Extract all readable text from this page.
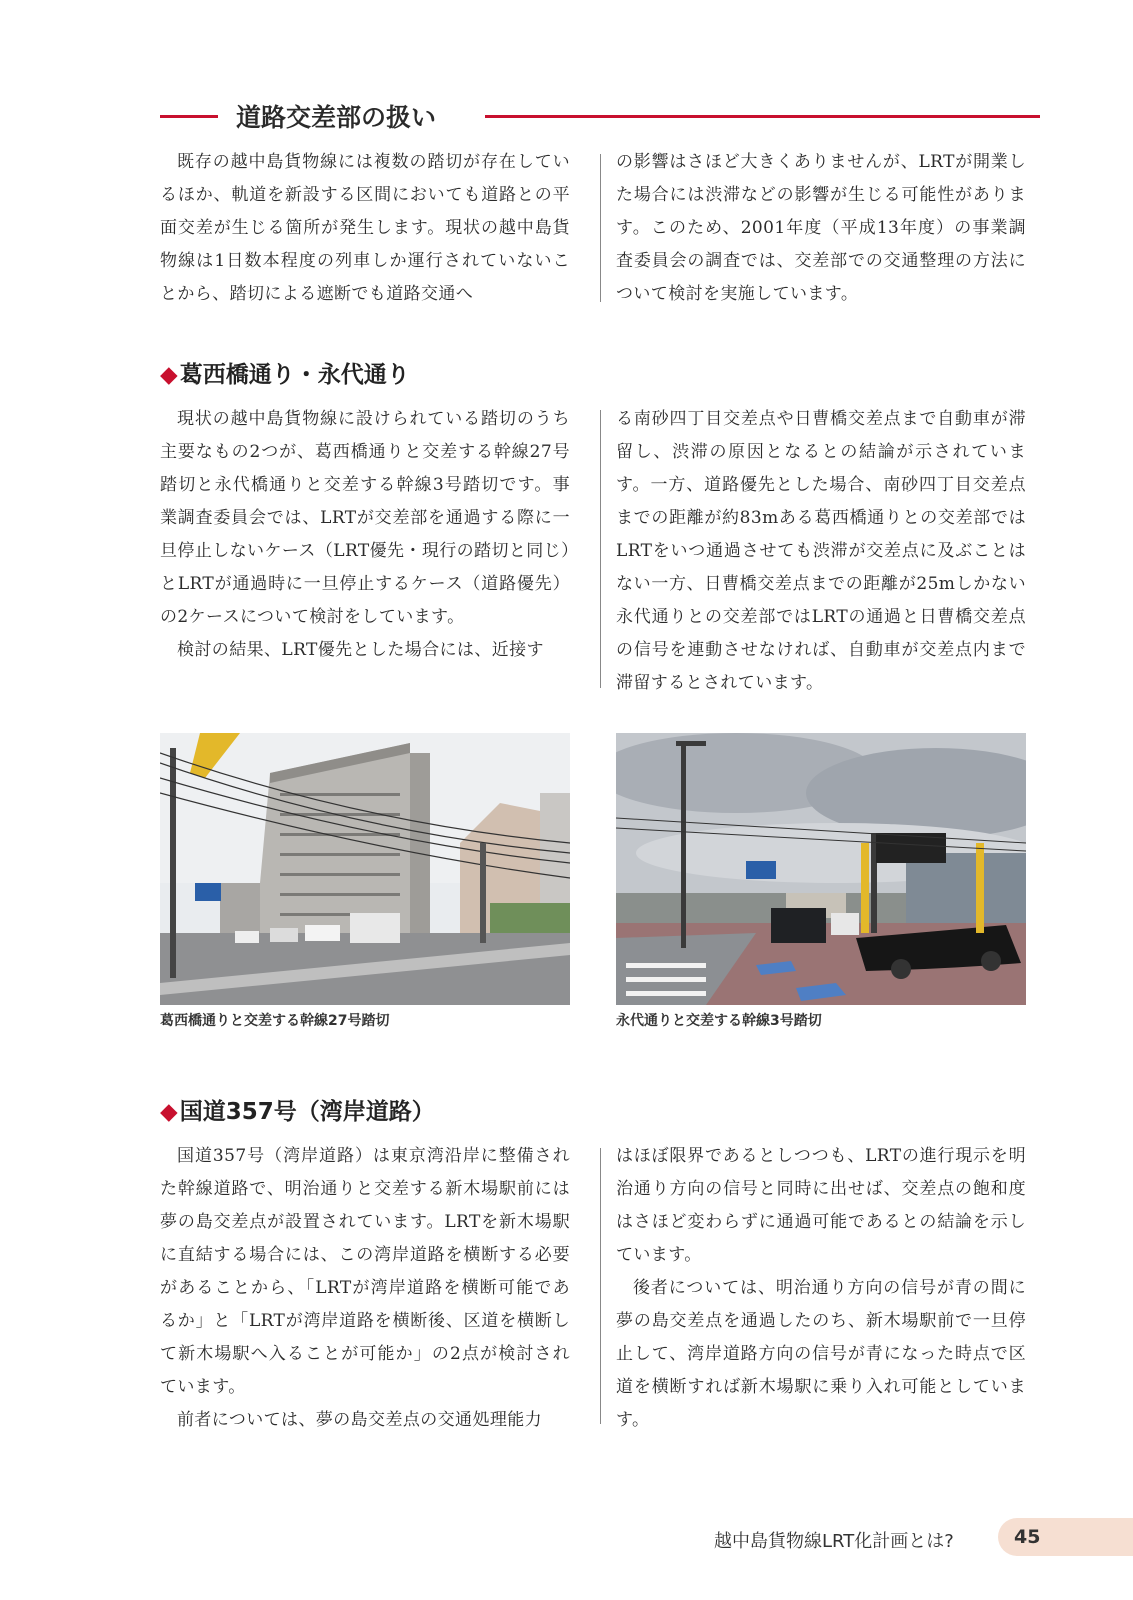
道路交差部の扱い

既存の越中島貨物線には複数の踏切が存在しているほか、軌道を新設する区間においても道路との平面交差が生じる箇所が発生します。現状の越中島貨物線は1日数本程度の列車しか運行されていないことから、踏切による遮断でも道路交通へ

の影響はさほど大きくありませんが、LRTが開業した場合には渋滞などの影響が生じる可能性があります。このため、2001年度（平成13年度）の事業調査委員会の調査では、交差部での交通整理の方法について検討を実施しています。

◆葛西橋通り・永代通り

現状の越中島貨物線に設けられている踏切のうち主要なもの2つが、葛西橋通りと交差する幹線27号踏切と永代橋通りと交差する幹線3号踏切です。事業調査委員会では、LRTが交差部を通過する際に一旦停止しないケース（LRT優先・現行の踏切と同じ）とLRTが通過時に一旦停止するケース（道路優先）の2ケースについて検討をしています。

検討の結果、LRT優先とした場合には、近接す

る南砂四丁目交差点や日曹橋交差点まで自動車が滞留し、渋滞の原因となるとの結論が示されています。一方、道路優先とした場合、南砂四丁目交差点までの距離が約83mある葛西橋通りとの交差部ではLRTをいつ通過させても渋滞が交差点に及ぶことはない一方、日曹橋交差点までの距離が25mしかない永代通りとの交差部ではLRTの通過と日曹橋交差点の信号を連動させなければ、自動車が交差点内まで滞留するとされています。

葛西橋通りと交差する幹線27号踏切	永代通りと交差する幹線3号踏切
◆国道357号（湾岸道路）

国道357号（湾岸道路）は東京湾沿岸に整備された幹線道路で、明治通りと交差する新木場駅前には夢の島交差点が設置されています。LRTを新木場駅に直結する場合には、この湾岸道路を横断する必要があることから、「LRTが湾岸道路を横断可能であるか」と「LRTが湾岸道路を横断後、区道を横断して新木場駅へ入ることが可能か」の2点が検討されています。

前者については、夢の島交差点の交通処理能力

はほぼ限界であるとしつつも、LRTの進行現示を明治通り方向の信号と同時に出せば、交差点の飽和度はさほど変わらずに通過可能であるとの結論を示しています。

後者については、明治通り方向の信号が青の間に夢の島交差点を通過したのち、新木場駅前で一旦停止して、湾岸道路方向の信号が青になった時点で区道を横断すれば新木場駅に乗り入れ可能としています。

越中島貨物線LRT化計画とは?	45
